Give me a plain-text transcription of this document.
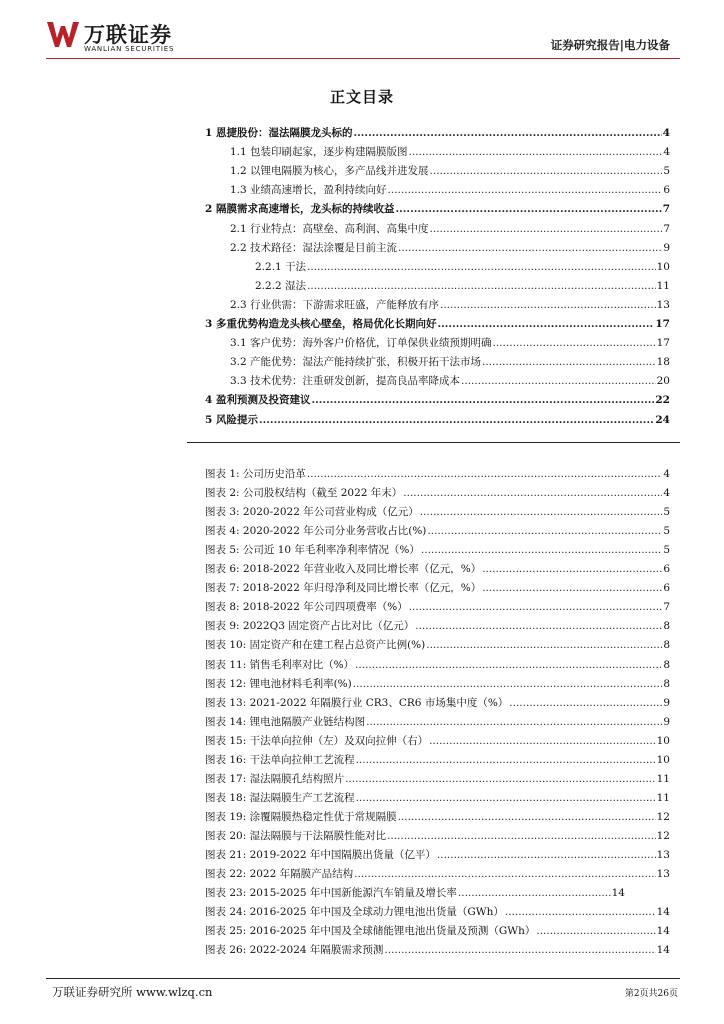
万联证券
WANLIAN SECURITIES	证券研究报告|电力设备
正文目录
1 恩捷股份：湿法隔膜龙头标的 .....	4
1.1 包装印刷起家，逐步构建隔膜版图 .....	4
1.2 以锂电隔膜为核心，多产品线并进发展 .....	5
1.3 业绩高速增长，盈利持续向好 .....	6
2 隔膜需求高速增长，龙头标的持续收益 .....	7
2.1 行业特点：高壁垒、高利润、高集中度 .....	7
2.2 技术路径：湿法涂覆是目前主流 .....	9
2.2.1 干法 .....	10
2.2.2 湿法 .....	11
2.3 行业供需：下游需求旺盛，产能释放有序 .....	13
3 多重优势构造龙头核心壁垒，格局优化长期向好 .....	17
3.1 客户优势：海外客户价格优，订单保供业绩预期明确 .....	17
3.2 产能优势：湿法产能持续扩张，积极开拓干法市场 .....	18
3.3 技术优势：注重研发创新，提高良品率降成本 .....	20
4 盈利预测及投资建议 .....	22
5 风险提示 .....	24
图表 1: 公司历史沿革 .....	4
图表 2: 公司股权结构（截至 2022 年末） .....	4
图表 3: 2020-2022 年公司营业构成（亿元） .....	5
图表 4: 2020-2022 年公司分业务营收占比(%) .....	5
图表 5: 公司近 10 年毛利率净利率情况（%） .....	5
图表 6: 2018-2022 年营业收入及同比增长率（亿元，%） .....	6
图表 7: 2018-2022 年归母净利及同比增长率（亿元，%） .....	6
图表 8: 2018-2022 年公司四项费率（%） .....	7
图表 9: 2022Q3 固定资产占比对比（亿元） .....	8
图表 10: 固定资产和在建工程占总资产比例(%) .....	8
图表 11: 销售毛利率对比（%） .....	8
图表 12: 锂电池材料毛利率(%) .....	8
图表 13: 2021-2022 年隔膜行业 CR3、CR6 市场集中度（%） .....	9
图表 14: 锂电池隔膜产业链结构图 .....	9
图表 15: 干法单向拉伸（左）及双向拉伸（右） .....	10
图表 16: 干法单向拉伸工艺流程 .....	10
图表 17: 湿法隔膜孔结构照片 .....	11
图表 18: 湿法隔膜生产工艺流程 .....	11
图表 19: 涂覆隔膜热稳定性优于常规隔膜 .....	12
图表 20: 湿法隔膜与干法隔膜性能对比 .....	12
图表 21: 2019-2022 年中国隔膜出货量（亿平） .....	13
图表 22: 2022 年隔膜产品结构 .....	13
图表 23: 2015-2025 年中国新能源汽车销量及增长率 .....	14
图表 24: 2016-2025 年中国及全球动力锂电池出货量（GWh） .....	14
图表 25: 2016-2025 年中国及全球储能锂电池出货量及预测（GWh） .....	14
图表 26: 2022-2024 年隔膜需求预测 .....	14
万联证券研究所 www.wlzq.cn	第2页共26页
